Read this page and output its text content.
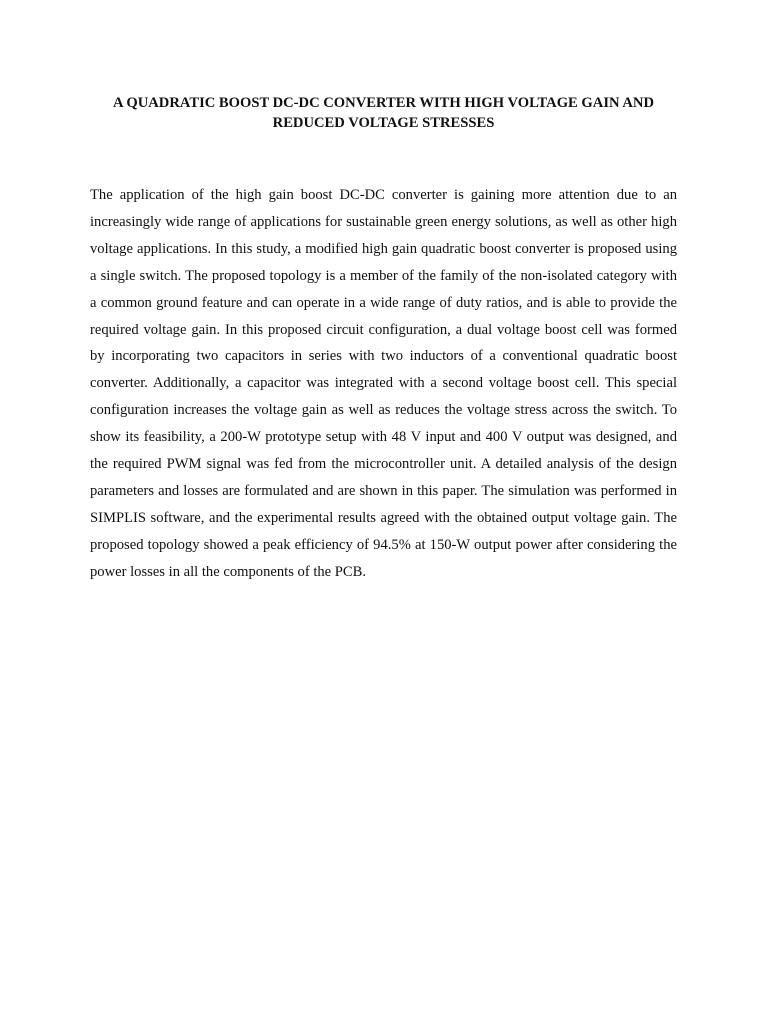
A QUADRATIC BOOST DC-DC CONVERTER WITH HIGH VOLTAGE GAIN AND REDUCED VOLTAGE STRESSES

The application of the high gain boost DC-DC converter is gaining more attention due to an increasingly wide range of applications for sustainable green energy solutions, as well as other high voltage applications. In this study, a modified high gain quadratic boost converter is proposed using a single switch. The proposed topology is a member of the family of the non-isolated category with a common ground feature and can operate in a wide range of duty ratios, and is able to provide the required voltage gain. In this proposed circuit configuration, a dual voltage boost cell was formed by incorporating two capacitors in series with two inductors of a conventional quadratic boost converter. Additionally, a capacitor was integrated with a second voltage boost cell. This special configuration increases the voltage gain as well as reduces the voltage stress across the switch. To show its feasibility, a 200-W prototype setup with 48 V input and 400 V output was designed, and the required PWM signal was fed from the microcontroller unit. A detailed analysis of the design parameters and losses are formulated and are shown in this paper. The simulation was performed in SIMPLIS software, and the experimental results agreed with the obtained output voltage gain. The proposed topology showed a peak efficiency of 94.5% at 150-W output power after considering the power losses in all the components of the PCB.
